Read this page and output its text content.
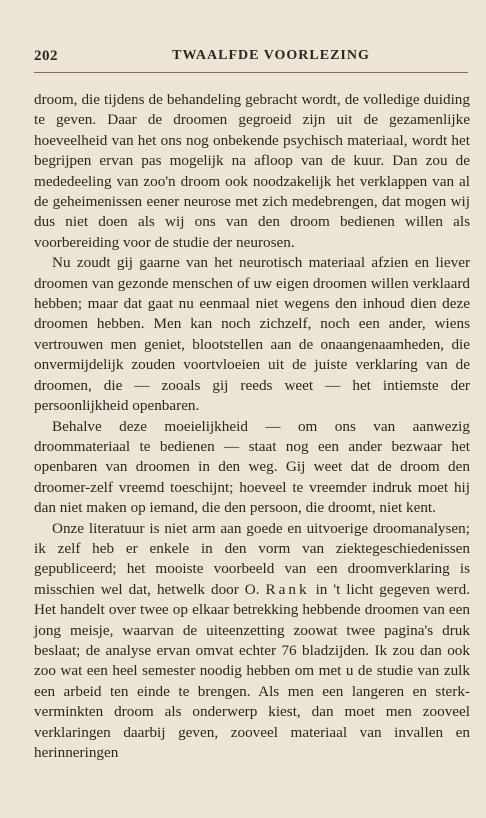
202	TWAALFDE VOORLEZING

droom, die tijdens de behandeling gebracht wordt, de volledige duiding te geven. Daar de droomen gegroeid zijn uit de gezamenlijke hoeveelheid van het ons nog onbekende psychisch materiaal, wordt het begrijpen ervan pas mogelijk na afloop van de kuur. Dan zou de mededeeling van zoo'n droom ook noodzakelijk het verklappen van al de geheimenissen eener neurose met zich medebrengen, dat mogen wij dus niet doen als wij ons van den droom bedienen willen als voorbereiding voor de studie der neurosen.

Nu zoudt gij gaarne van het neurotisch materiaal afzien en liever droomen van gezonde menschen of uw eigen droomen willen verklaard hebben; maar dat gaat nu eenmaal niet wegens den inhoud dien deze droomen hebben. Men kan noch zichzelf, noch een ander, wiens vertrouwen men geniet, blootstellen aan de onaangenaamheden, die onvermijdelijk zouden voortvloeien uit de juiste verklaring van de droomen, die — zooals gij reeds weet — het intiemste der persoonlijkheid openbaren.

Behalve deze moeielijkheid — om ons van aanwezig droommateriaal te bedienen — staat nog een ander bezwaar het openbaren van droomen in den weg. Gij weet dat de droom den droomer-zelf vreemd toeschijnt; hoeveel te vreemder indruk moet hij dan niet maken op iemand, die den persoon, die droomt, niet kent.

Onze literatuur is niet arm aan goede en uitvoerige droomanalysen; ik zelf heb er enkele in den vorm van ziektegeschiedenissen gepubliceerd; het mooiste voorbeeld van een droomverklaring is misschien wel dat, hetwelk door O. Rank in 't licht gegeven werd. Het handelt over twee op elkaar betrekking hebbende droomen van een jong meisje, waarvan de uiteenzetting zoowat twee pagina's druk beslaat; de analyse ervan omvat echter 76 bladzijden. Ik zou dan ook zoo wat een heel semester noodig hebben om met u de studie van zulk een arbeid ten einde te brengen. Als men een langeren en sterk-verminkten droom als onderwerp kiest, dan moet men zooveel verklaringen daarbij geven, zooveel materiaal van invallen en herinneringen
